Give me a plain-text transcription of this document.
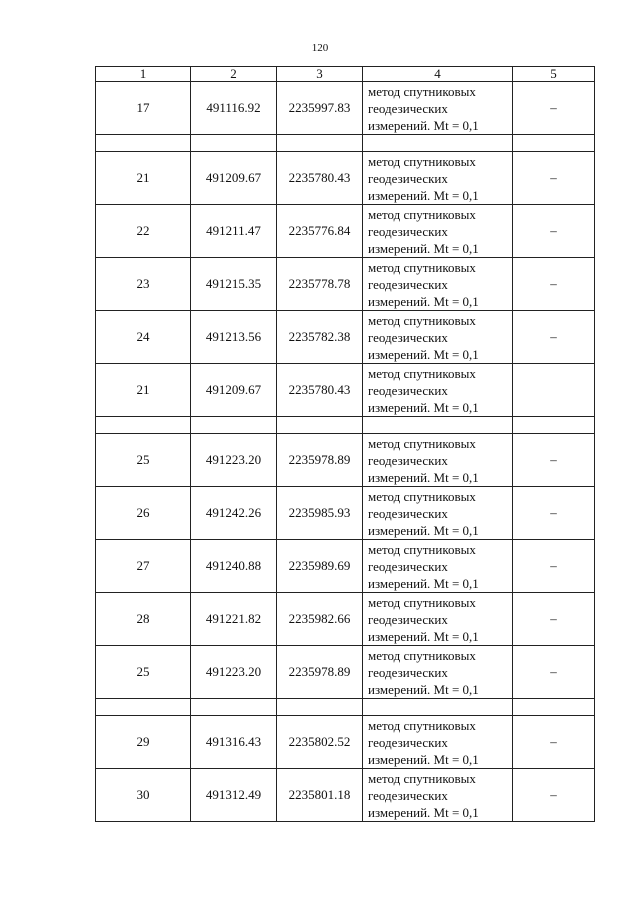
120
1	2	3	4	5
17	491116.92	2235997.83	метод спутниковых геодезических измерений. Mt = 0,1	–

21	491209.67	2235780.43	метод спутниковых геодезических измерений. Mt = 0,1	–
22	491211.47	2235776.84	метод спутниковых геодезических измерений. Mt = 0,1	–
23	491215.35	2235778.78	метод спутниковых геодезических измерений. Mt = 0,1	–
24	491213.56	2235782.38	метод спутниковых геодезических измерений. Mt = 0,1	–
21	491209.67	2235780.43	метод спутниковых геодезических измерений. Mt = 0,1	

25	491223.20	2235978.89	метод спутниковых геодезических измерений. Mt = 0,1	–
26	491242.26	2235985.93	метод спутниковых геодезических измерений. Mt = 0,1	–
27	491240.88	2235989.69	метод спутниковых геодезических измерений. Mt = 0,1	–
28	491221.82	2235982.66	метод спутниковых геодезических измерений. Mt = 0,1	–
25	491223.20	2235978.89	метод спутниковых геодезических измерений. Mt = 0,1	–

29	491316.43	2235802.52	метод спутниковых геодезических измерений. Mt = 0,1	–
30	491312.49	2235801.18	метод спутниковых геодезических измерений. Mt = 0,1	–
